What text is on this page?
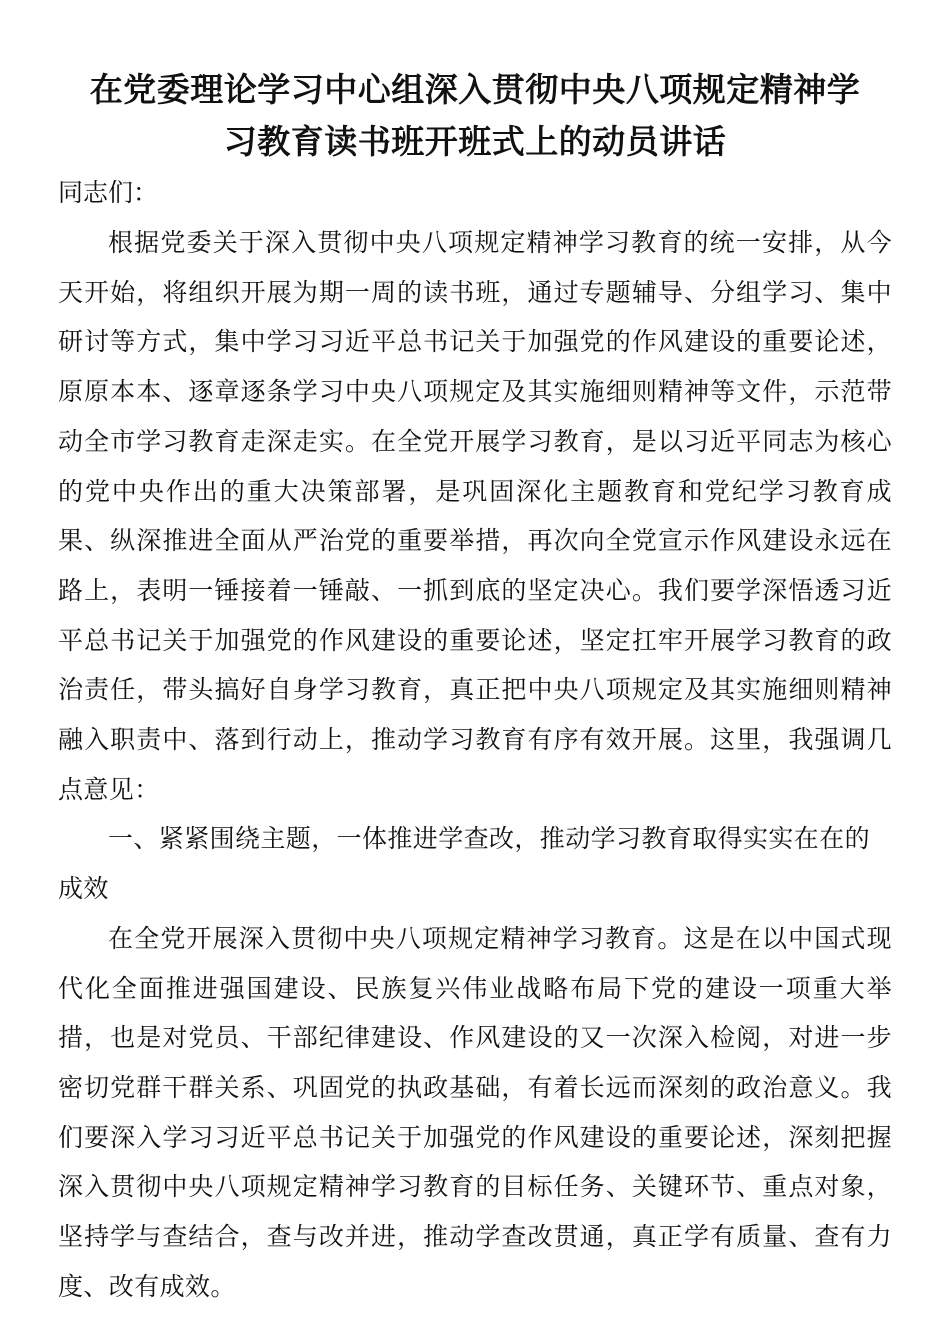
在党委理论学习中心组深入贯彻中央八项规定精神学
习教育读书班开班式上的动员讲话

同志们：

根据党委关于深入贯彻中央八项规定精神学习教育的统一安排，从今天开始，将组织开展为期一周的读书班，通过专题辅导、分组学习、集中研讨等方式，集中学习习近平总书记关于加强党的作风建设的重要论述，原原本本、逐章逐条学习中央八项规定及其实施细则精神等文件，示范带动全市学习教育走深走实。在全党开展学习教育，是以习近平同志为核心的党中央作出的重大决策部署，是巩固深化主题教育和党纪学习教育成果、纵深推进全面从严治党的重要举措，再次向全党宣示作风建设永远在路上，表明一锤接着一锤敲、一抓到底的坚定决心。我们要学深悟透习近平总书记关于加强党的作风建设的重要论述，坚定扛牢开展学习教育的政治责任，带头搞好自身学习教育，真正把中央八项规定及其实施细则精神融入职责中、落到行动上，推动学习教育有序有效开展。这里，我强调几点意见：

一、紧紧围绕主题，一体推进学查改，推动学习教育取得实实在在的成效

在全党开展深入贯彻中央八项规定精神学习教育。这是在以中国式现代化全面推进强国建设、民族复兴伟业战略布局下党的建设一项重大举措，也是对党员、干部纪律建设、作风建设的又一次深入检阅，对进一步密切党群干群关系、巩固党的执政基础，有着长远而深刻的政治意义。我们要深入学习习近平总书记关于加强党的作风建设的重要论述，深刻把握深入贯彻中央八项规定精神学习教育的目标任务、关键环节、重点对象，坚持学与查结合，查与改并进，推动学查改贯通，真正学有质量、查有力度、改有成效。
